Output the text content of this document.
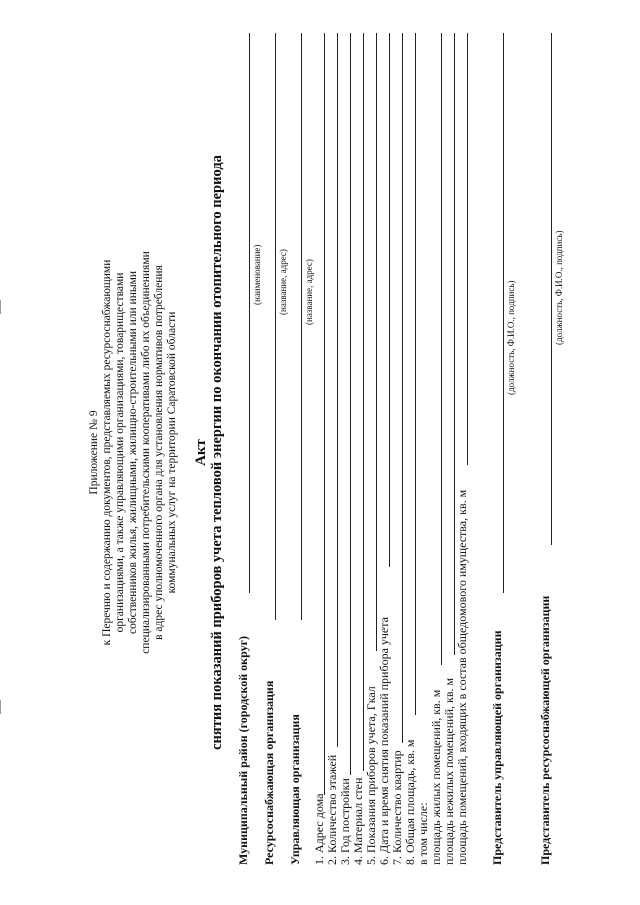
Приложение № 9 к Перечню и содержанию документов, представляемых ресурсоснабжающими организациями, а также управляющими организациями, товариществами собственников жилья, жилищными, жилищно-строительными или иными специализированными потребительскими кооперативами либо их объединениями в адрес уполномоченного органа для установления нормативов потребления коммунальных услуг на территории Саратовской области Акт снятия показаний приборов учета тепловой энергии по окончании отопительного периода
Муниципальный район (городской округ)
(наименование)
Ресурсоснабжающая организация
(название, адрес)
Управляющая организация
(название, адрес)
1. Адрес дома 2. Количество этажей 3. Год постройки 4. Материал стен 5. Показания приборов учета, Гкал 6. Дата и время снятия показаний прибора учета 7. Количество квартир 8. Общая площадь, кв. м в том числе: площадь жилых помещений, кв. м площадь нежилых помещений, кв. м площадь помещений, входящих в состав общедомового имущества, кв. м Представитель управляющей организации
(должность, Ф.И.О., подпись)
Представитель ресурсоснабжающей организации
(должность, Ф.И.О., подпись)
